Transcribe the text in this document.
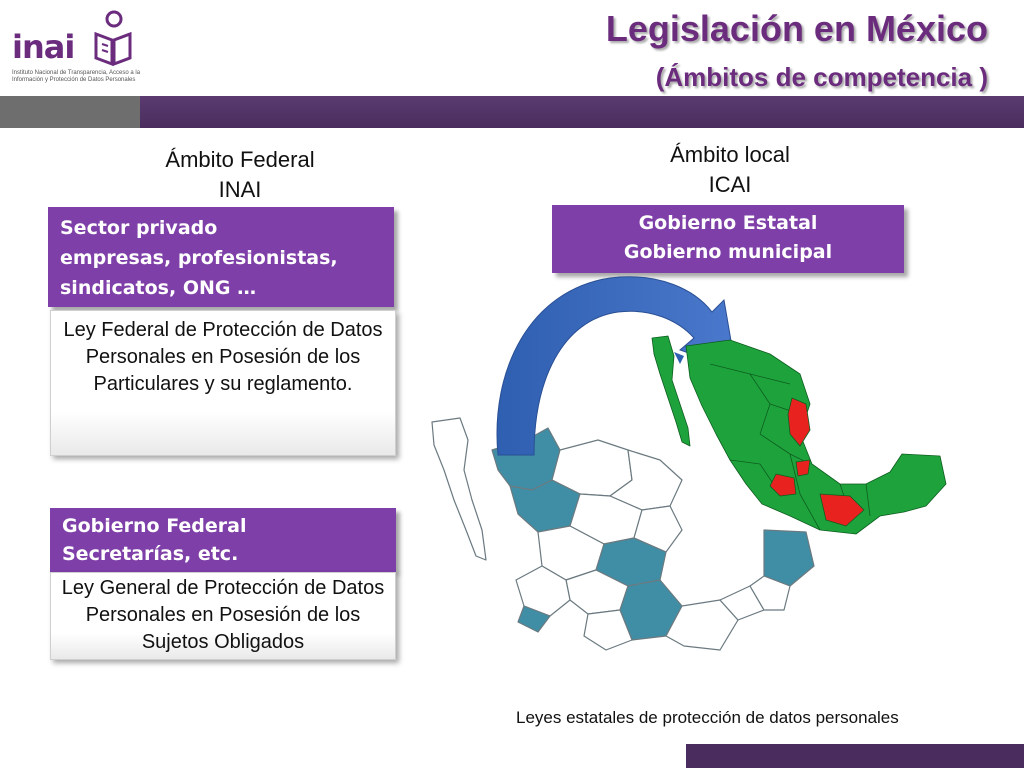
inai
Instituto Nacional de Transparencia, Acceso a la Información y Protección de Datos Personales
Legislación en México
(Ámbitos de competencia )
Ámbito Federal
INAI
Sector privado
empresas, profesionistas,
sindicatos, ONG …
Ley Federal de Protección de Datos Personales en Posesión de los Particulares y su reglamento.
Gobierno Federal
Secretarías, etc.
Ley General de Protección de Datos Personales en Posesión de los Sujetos Obligados
Ámbito local
ICAI
Gobierno Estatal
Gobierno municipal
Leyes estatales de protección de datos personales
